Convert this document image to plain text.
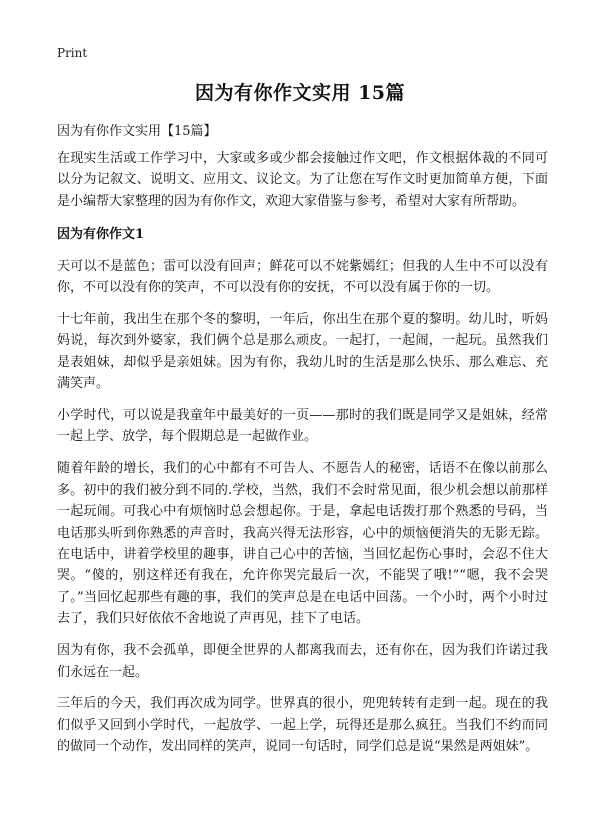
Print
因为有你作文实用 15篇
因为有你作文实用【15篇】

在现实生活或工作学习中，大家或多或少都会接触过作文吧，作文根据体裁的不同可以分为记叙文、说明文、应用文、议论文。为了让您在写作文时更加简单方便，下面是小编帮大家整理的因为有你作文，欢迎大家借鉴与参考，希望对大家有所帮助。

因为有你作文1

天可以不是蓝色；雷可以没有回声；鲜花可以不姹紫嫣红；但我的人生中不可以没有你，不可以没有你的笑声，不可以没有你的安抚，不可以没有属于你的一切。

十七年前，我出生在那个冬的黎明，一年后，你出生在那个夏的黎明。幼儿时，听妈妈说，每次到外婆家，我们俩个总是那么顽皮。一起打，一起闹，一起玩。虽然我们是表姐妹，却似乎是亲姐妹。因为有你，我幼儿时的生活是那么快乐、那么难忘、充满笑声。

小学时代，可以说是我童年中最美好的一页——那时的我们既是同学又是姐妹，经常一起上学、放学，每个假期总是一起做作业。

随着年龄的增长，我们的心中都有不可告人、不愿告人的秘密，话语不在像以前那么多。初中的我们被分到不同的.学校，当然，我们不会时常见面，很少机会想以前那样一起玩闹。可我心中有烦恼时总会想起你。于是，拿起电话拨打那个熟悉的号码，当电话那头听到你熟悉的声音时，我高兴得无法形容，心中的烦恼便消失的无影无踪。在电话中，讲着学校里的趣事，讲自己心中的苦恼，当回忆起伤心事时，会忍不住大哭。“傻的，别这样还有我在，允许你哭完最后一次，不能哭了哦!”“嗯，我不会哭了。”当回忆起那些有趣的事，我们的笑声总是在电话中回荡。一个小时，两个小时过去了，我们只好依依不舍地说了声再见，挂下了电话。

因为有你，我不会孤单，即便全世界的人都离我而去，还有你在，因为我们许诺过我们永远在一起。

三年后的今天，我们再次成为同学。世界真的很小，兜兜转转有走到一起。现在的我们似乎又回到小学时代，一起放学、一起上学，玩得还是那么疯狂。当我们不约而同的做同一个动作，发出同样的笑声，说同一句话时，同学们总是说“果然是两姐妹”。
